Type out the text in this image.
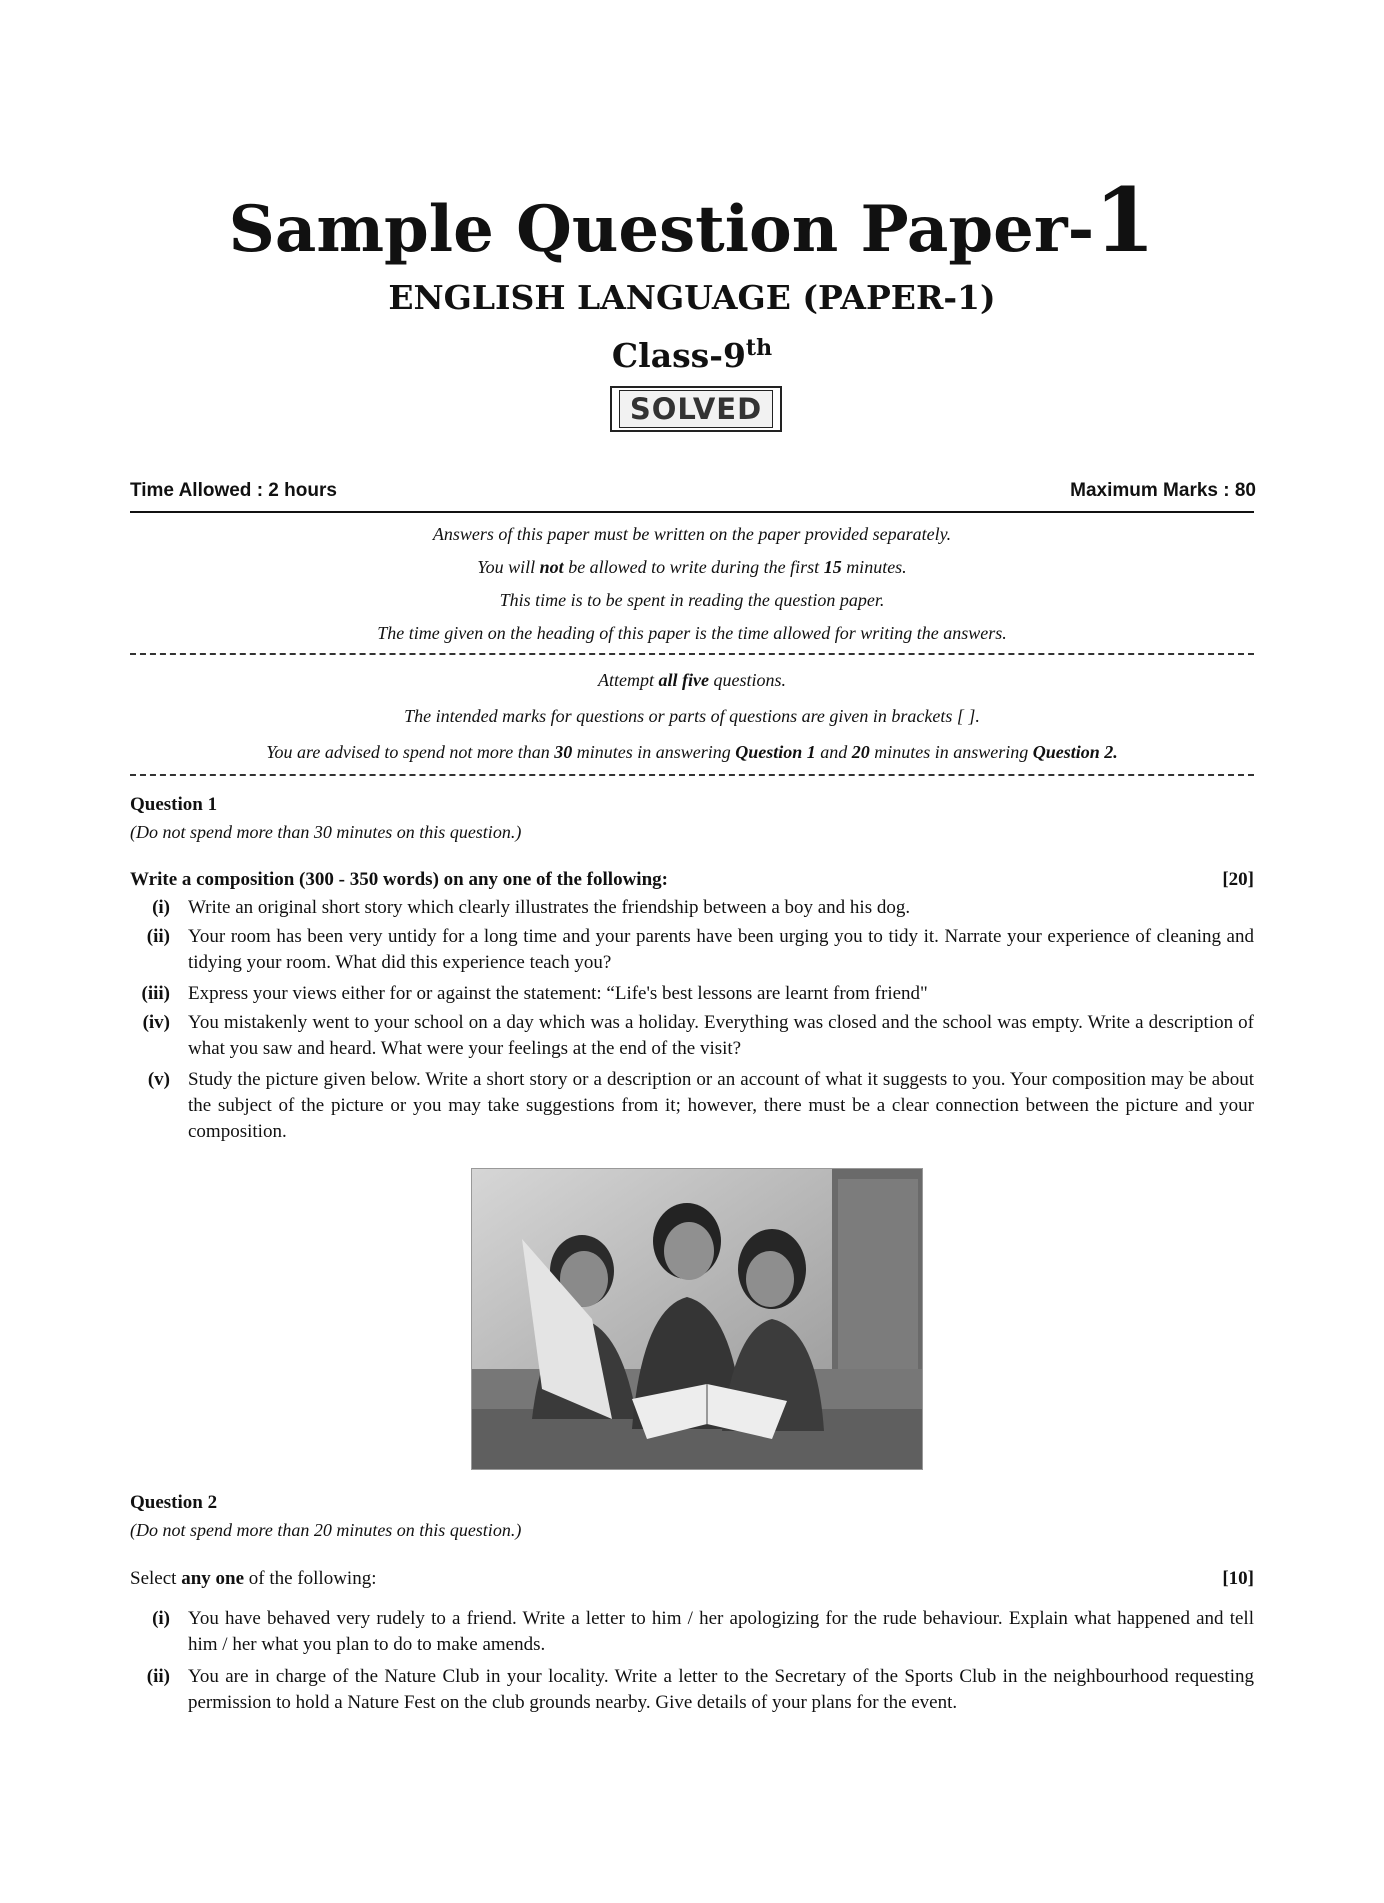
Sample Question Paper-1
ENGLISH LANGUAGE (PAPER-1)
Class-9th
SOLVED
Time Allowed : 2 hours	Maximum Marks : 80
Answers of this paper must be written on the paper provided separately.
You will not be allowed to write during the first 15 minutes.
This time is to be spent in reading the question paper.
The time given on the heading of this paper is the time allowed for writing the answers.
Attempt all five questions.
The intended marks for questions or parts of questions are given in brackets [ ].
You are advised to spend not more than 30 minutes in answering Question 1 and 20 minutes in answering Question 2.
Question 1
(Do not spend more than 30 minutes on this question.)
Write a composition (300 - 350 words) on any one of the following:	[20]
(i) Write an original short story which clearly illustrates the friendship between a boy and his dog.
(ii) Your room has been very untidy for a long time and your parents have been urging you to tidy it. Narrate your experience of cleaning and tidying your room. What did this experience teach you?
(iii) Express your views either for or against the statement: “Life's best lessons are learnt from friend"
(iv) You mistakenly went to your school on a day which was a holiday. Everything was closed and the school was empty. Write a description of what you saw and heard. What were your feelings at the end of the visit?
(v) Study the picture given below. Write a short story or a description or an account of what it suggests to you. Your composition may be about the subject of the picture or you may take suggestions from it; however, there must be a clear connection between the picture and your composition.
Question 2
(Do not spend more than 20 minutes on this question.)
Select any one of the following:	[10]
(i) You have behaved very rudely to a friend. Write a letter to him / her apologizing for the rude behaviour. Explain what happened and tell him / her what you plan to do to make amends.
(ii) You are in charge of the Nature Club in your locality. Write a letter to the Secretary of the Sports Club in the neighbourhood requesting permission to hold a Nature Fest on the club grounds nearby. Give details of your plans for the event.
